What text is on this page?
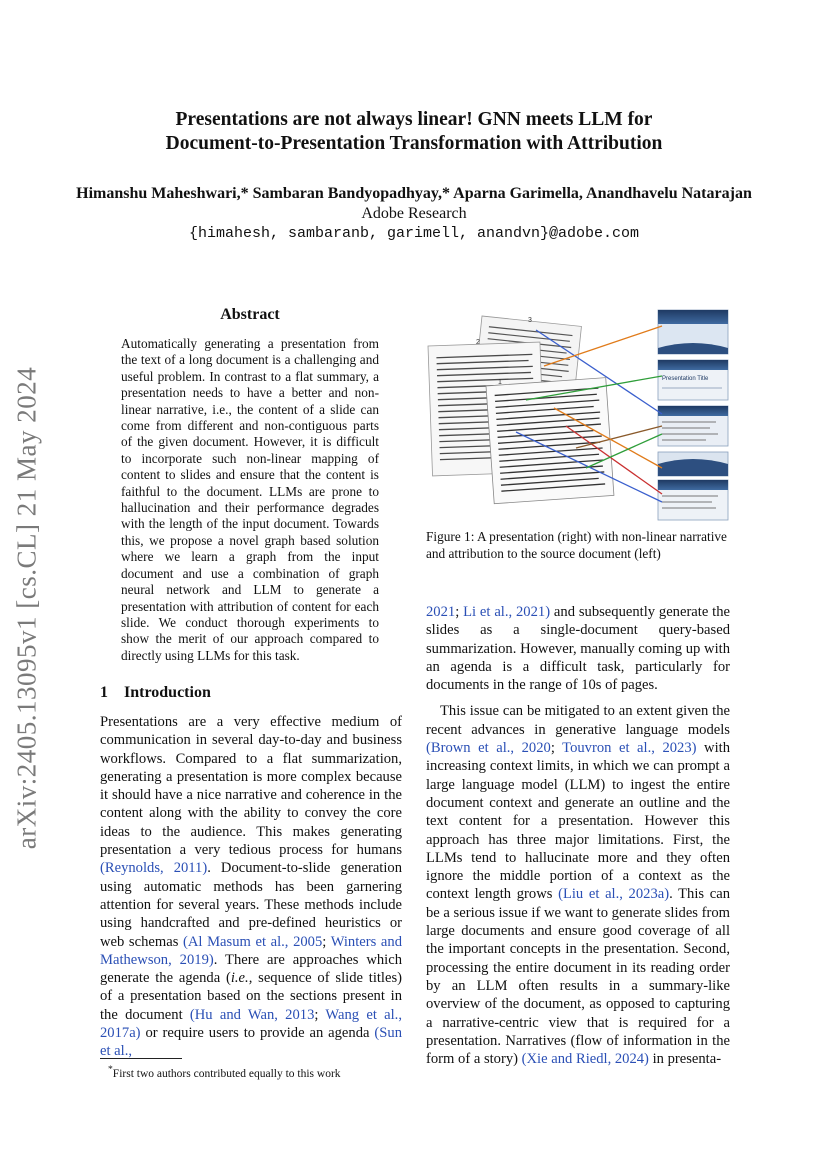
Presentations are not always linear! GNN meets LLM for
Document-to-Presentation Transformation with Attribution
Himanshu Maheshwari,* Sambaran Bandyopadhyay,* Aparna Garimella, Anandhavelu Natarajan
Adobe Research
{himahesh, sambaranb, garimell, anandvn}@adobe.com
arXiv:2405.13095v1 [cs.CL] 21 May 2024
Abstract
Automatically generating a presentation from the text of a long document is a challenging and useful problem. In contrast to a flat summary, a presentation needs to have a better and non-linear narrative, i.e., the content of a slide can come from different and non-contiguous parts of the given document. However, it is difficult to incorporate such non-linear mapping of content to slides and ensure that the content is faithful to the document. LLMs are prone to hallucination and their performance degrades with the length of the input document. Towards this, we propose a novel graph based solution where we learn a graph from the input document and use a combination of graph neural network and LLM to generate a presentation with attribution of content for each slide. We conduct thorough experiments to show the merit of our approach compared to directly using LLMs for this task.
1 Introduction

Presentations are a very effective medium of communication in several day-to-day and business workflows. Compared to a flat summarization, generating a presentation is more complex because it should have a nice narrative and coherence in the content along with the ability to convey the core ideas to the audience. This makes generating presentation a very tedious process for humans (Reynolds, 2011). Document-to-slide generation using automatic methods has been garnering attention for several years. These methods include using handcrafted and pre-defined heuristics or web schemas (Al Masum et al., 2005; Winters and Mathewson, 2019). There are approaches which generate the agenda (i.e., sequence of slide titles) of a presentation based on the sections present in the document (Hu and Wan, 2013; Wang et al., 2017a) or require users to provide an agenda (Sun et al.,

*First two authors contributed equally to this work
3
2
1	Presentation Title
Figure 1: A presentation (right) with non-linear narrative and attribution to the source document (left)

2021; Li et al., 2021) and subsequently generate the slides as a single-document query-based summarization. However, manually coming up with an agenda is a difficult task, particularly for documents in the range of 10s of pages.

This issue can be mitigated to an extent given the recent advances in generative language models (Brown et al., 2020; Touvron et al., 2023) with increasing context limits, in which we can prompt a large language model (LLM) to ingest the entire document context and generate an outline and the text content for a presentation. However this approach has three major limitations. First, the LLMs tend to hallucinate more and they often ignore the middle portion of a context as the context length grows (Liu et al., 2023a). This can be a serious issue if we want to generate slides from large documents and ensure good coverage of all the important concepts in the presentation. Second, processing the entire document in its reading order by an LLM often results in a summary-like overview of the document, as opposed to capturing a narrative-centric view that is required for a presentation. Narratives (flow of information in the form of a story) (Xie and Riedl, 2024) in presenta-
